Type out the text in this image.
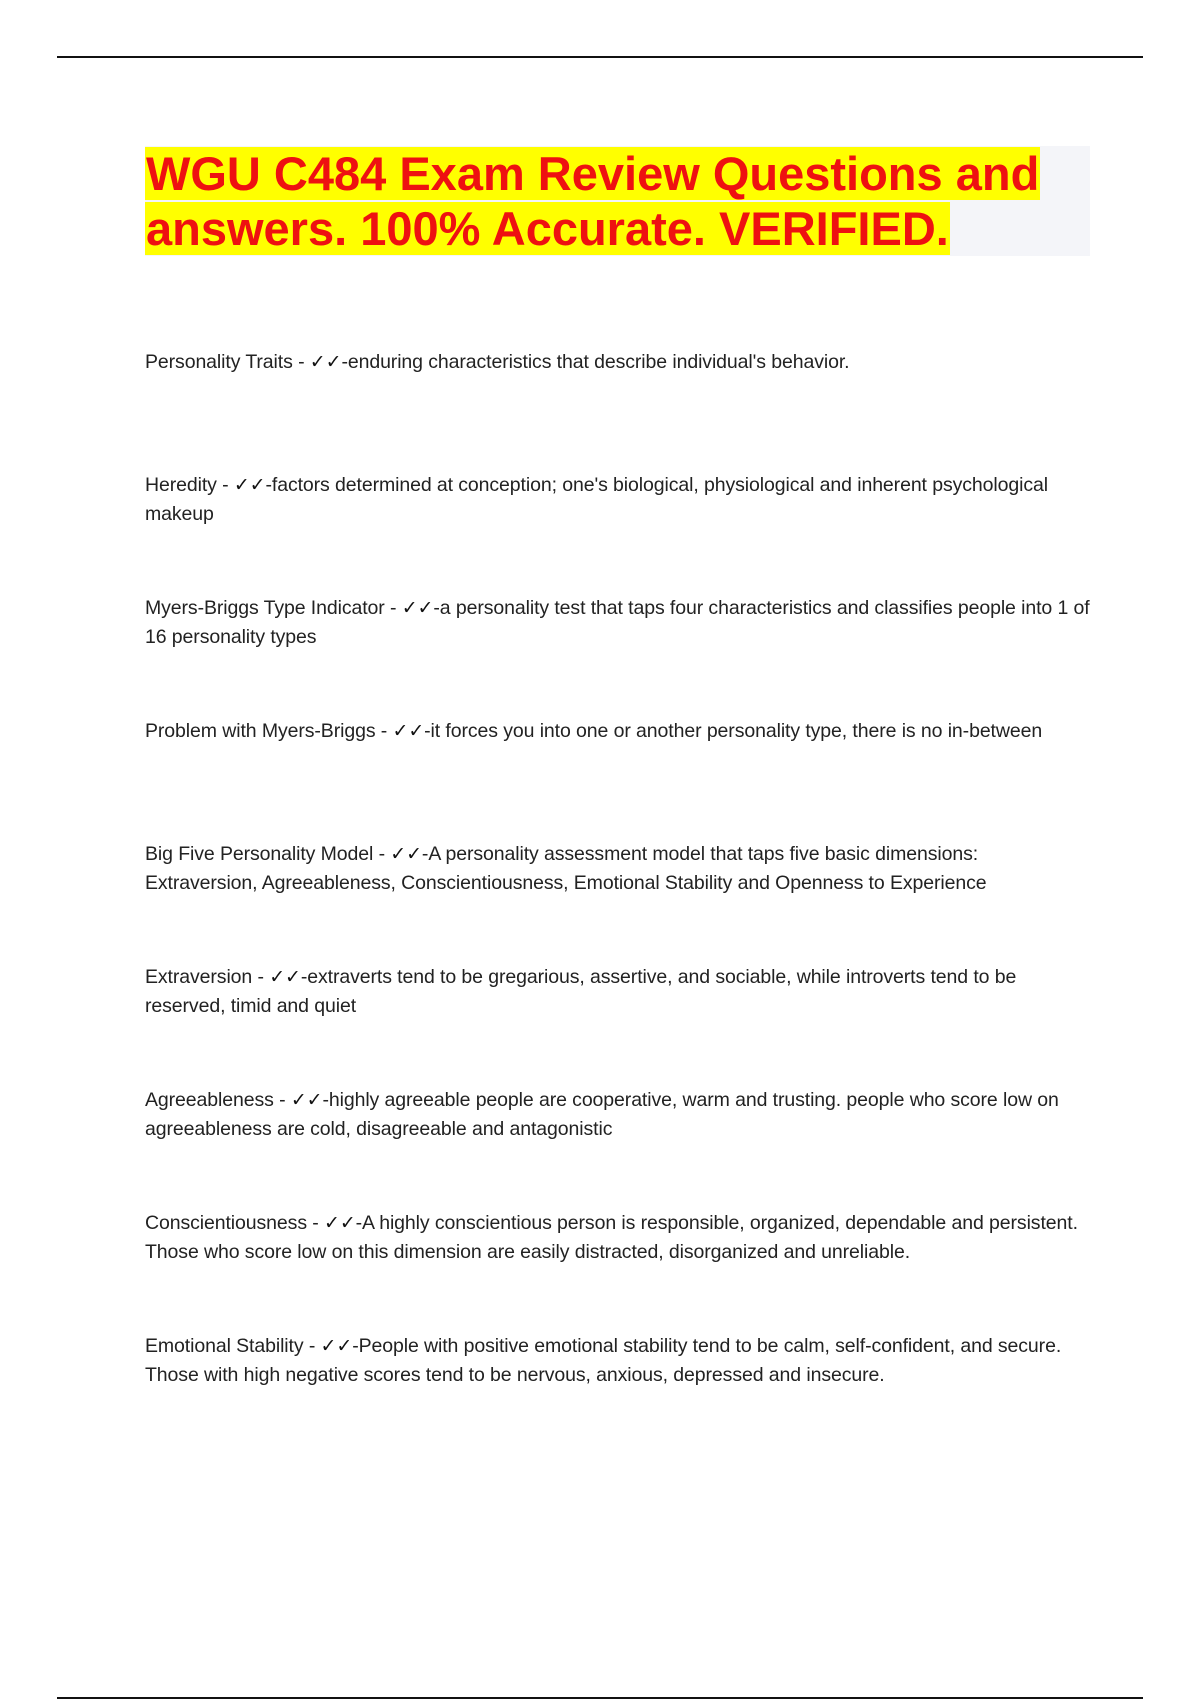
WGU C484 Exam Review Questions and answers. 100% Accurate. VERIFIED.
Personality Traits - ✓✓-enduring characteristics that describe individual's behavior.
Heredity - ✓✓-factors determined at conception; one's biological, physiological and inherent psychological makeup
Myers-Briggs Type Indicator - ✓✓-a personality test that taps four characteristics and classifies people into 1 of 16 personality types
Problem with Myers-Briggs - ✓✓-it forces you into one or another personality type, there is no in-between
Big Five Personality Model - ✓✓-A personality assessment model that taps five basic dimensions: Extraversion, Agreeableness, Conscientiousness, Emotional Stability and Openness to Experience
Extraversion - ✓✓-extraverts tend to be gregarious, assertive, and sociable, while introverts tend to be reserved, timid and quiet
Agreeableness - ✓✓-highly agreeable people are cooperative, warm and trusting. people who score low on agreeableness are cold, disagreeable and antagonistic
Conscientiousness - ✓✓-A highly conscientious person is responsible, organized, dependable and persistent. Those who score low on this dimension are easily distracted, disorganized and unreliable.
Emotional Stability - ✓✓-People with positive emotional stability tend to be calm, self-confident, and secure. Those with high negative scores tend to be nervous, anxious, depressed and insecure.
